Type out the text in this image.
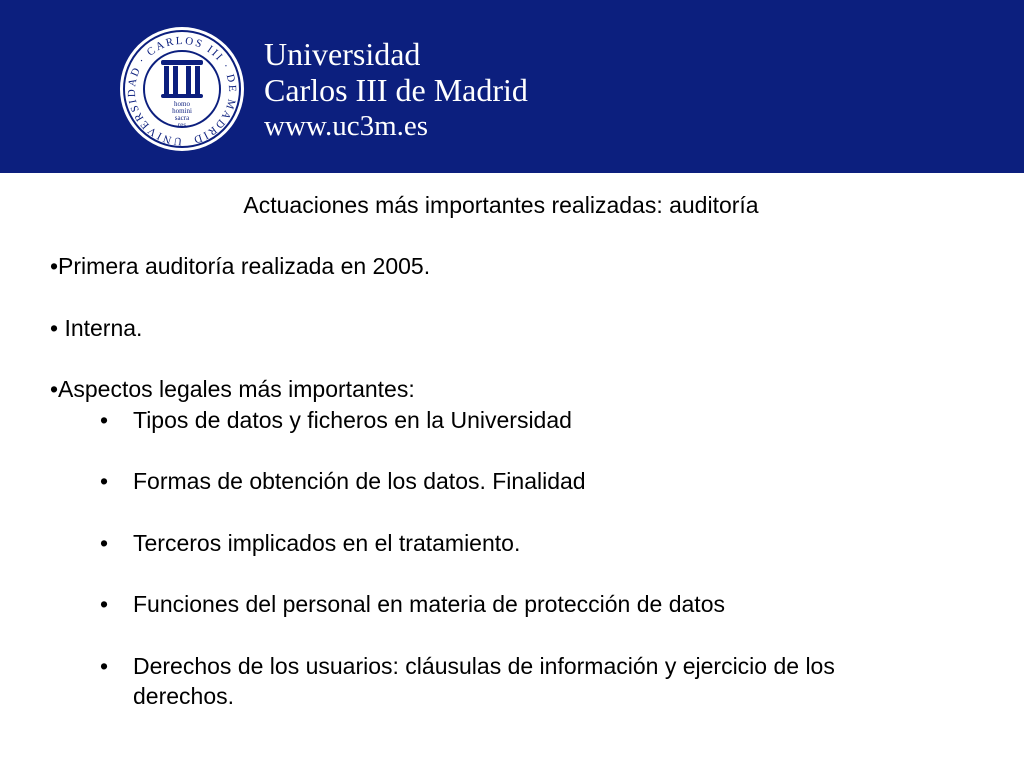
UNIVERSIDAD · CARLOS III · DE MADRID
homo
homini
sacra
res
Universidad
Carlos III de Madrid
www.uc3m.es
Actuaciones más importantes realizadas: auditoría
•Primera auditoría realizada en 2005.
• Interna.
•Aspectos legales más importantes:
• Tipos de datos y ficheros en la Universidad
• Formas de obtención de los datos. Finalidad
• Terceros implicados en el tratamiento.
• Funciones del personal en materia de protección de datos
• Derechos de los usuarios: cláusulas de información y ejercicio de los derechos.
